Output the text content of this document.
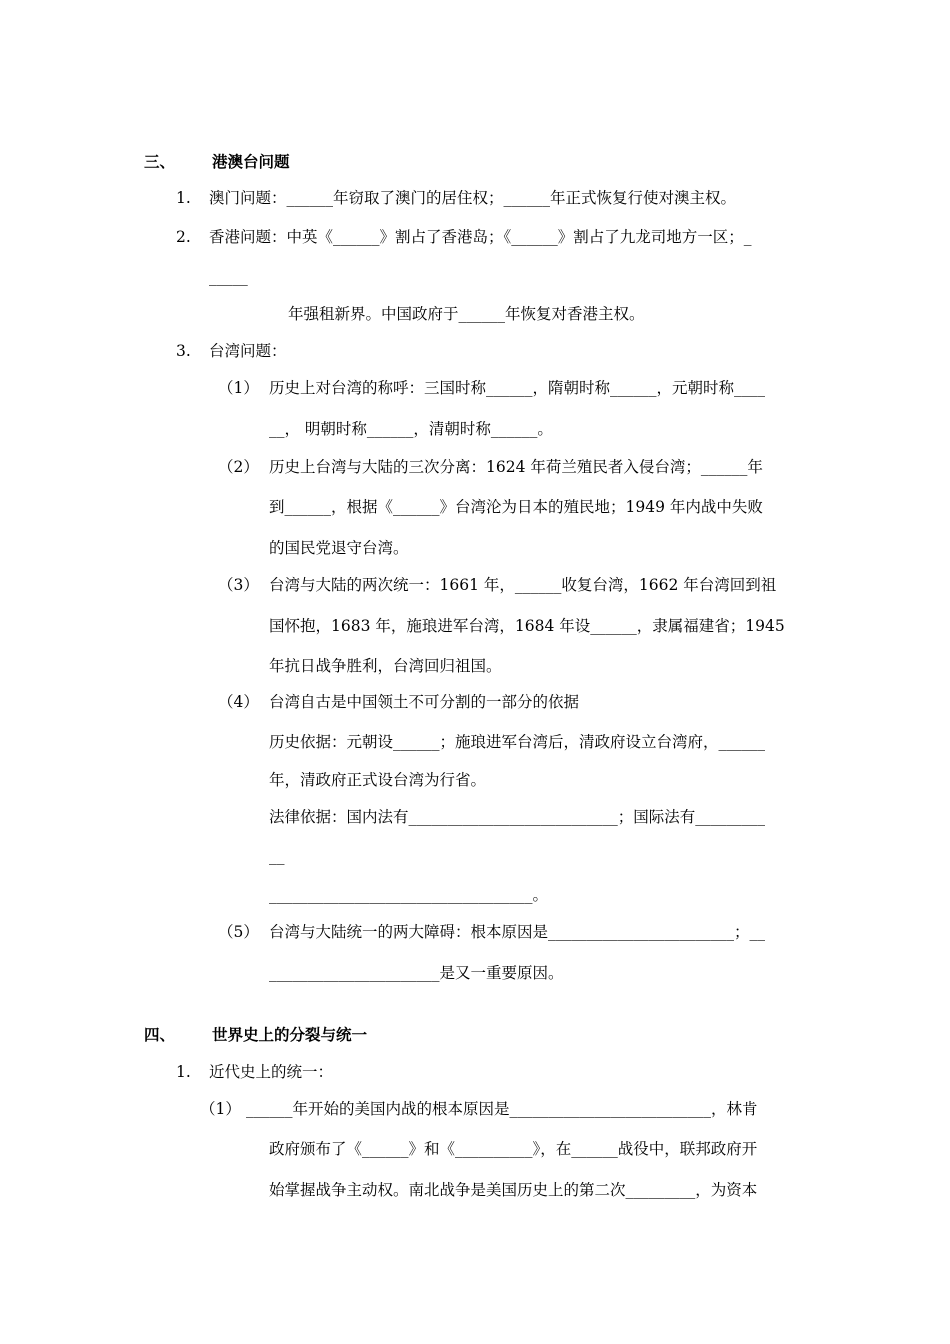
三、 港澳台问题
1. 澳门问题：______年窃取了澳门的居住权；______年正式恢复行使对澳主权。
2. 香港问题：中英《______》割占了香港岛；《______》割占了九龙司地方一区；_
_____
年强租新界。中国政府于______年恢复对香港主权。
3. 台湾问题：
（1） 历史上对台湾的称呼：三国时称______，隋朝时称______，元朝时称____
__， 明朝时称______，清朝时称______。
（2） 历史上台湾与大陆的三次分离：1624 年荷兰殖民者入侵台湾；______年
到______，根据《______》台湾沦为日本的殖民地；1949 年内战中失败
的国民党退守台湾。
（3） 台湾与大陆的两次统一：1661 年，______收复台湾，1662 年台湾回到祖
国怀抱，1683 年，施琅进军台湾，1684 年设______，隶属福建省；1945
年抗日战争胜利，台湾回归祖国。
（4） 台湾自古是中国领土不可分割的一部分的依据
历史依据：元朝设______；施琅进军台湾后，清政府设立台湾府，______
年，清政府正式设台湾为行省。
法律依据：国内法有___________________________；国际法有_________
__
__________________________________。
（5） 台湾与大陆统一的两大障碍：根本原因是________________________；__
______________________是又一重要原因。
四、 世界史上的分裂与统一
1. 近代史上的统一：
（1） ______年开始的美国内战的根本原因是__________________________，林肯
政府颁布了《______》和《__________》，在______战役中，联邦政府开
始掌握战争主动权。南北战争是美国历史上的第二次_________，为资本
